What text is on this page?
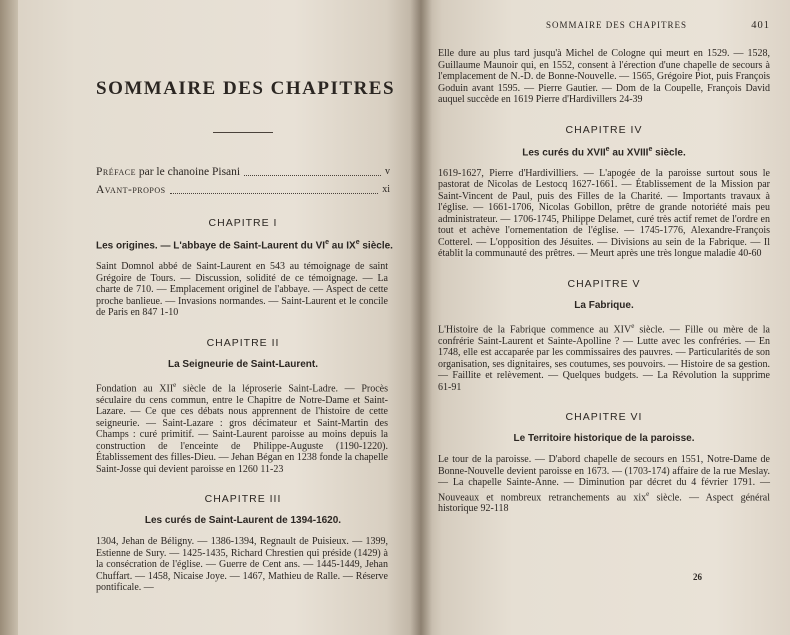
SOMMAIRE DES CHAPITRES
Préface par le chanoine Pisani	v
Avant-propos	xi
CHAPITRE I
Les origines. — L'abbaye de Saint-Laurent du VIe au IXe siècle.
Saint Domnol abbé de Saint-Laurent en 543 au témoignage de saint Grégoire de Tours. — Discussion, solidité de ce témoignage. — La charte de 710. — Emplacement originel de l'abbaye. — Aspect de cette proche banlieue. — Invasions normandes. — Saint-Laurent et le concile de Paris en 847 1-10
CHAPITRE II
La Seigneurie de Saint-Laurent.
Fondation au XIIe siècle de la léproserie Saint-Ladre. — Procès séculaire du cens commun, entre le Chapitre de Notre-Dame et Saint-Lazare. — Ce que ces débats nous apprennent de l'histoire de cette seigneurie. — Saint-Lazare : gros décimateur et Saint-Martin des Champs : curé primitif. — Saint-Laurent paroisse au moins depuis la construction de l'enceinte de Philippe-Auguste (1190-1220). Établissement des filles-Dieu. — Jehan Bégan en 1238 fonde la chapelle Saint-Josse qui devient paroisse en 1260 11-23
CHAPITRE III
Les curés de Saint-Laurent de 1394-1620.
1304, Jehan de Béligny. — 1386-1394, Regnault de Puisieux. — 1399, Estienne de Sury. — 1425-1435, Richard Chrestien qui préside (1429) à la consécration de l'église. — Guerre de Cent ans. — 1445-1449, Jehan Chuffart. — 1458, Nicaise Joye. — 1467, Mathieu de Ralle. — Réserve pontificale. —
SOMMAIRE DES CHAPITRES	401
Elle dure au plus tard jusqu'à Michel de Cologne qui meurt en 1529. — 1528, Guillaume Maunoir qui, en 1552, consent à l'érection d'une chapelle de secours à l'emplacement de N.-D. de Bonne-Nouvelle. — 1565, Grégoire Piot, puis François Goduin avant 1595. — Pierre Gautier. — Dom de la Coupelle, François David auquel succède en 1619 Pierre d'Hardivillers 24-39
CHAPITRE IV
Les curés du XVIIe au XVIIIe siècle.
1619-1627, Pierre d'Hardivilliers. — L'apogée de la paroisse surtout sous le pastorat de Nicolas de Lestocq 1627-1661. — Établissement de la Mission par Saint-Vincent de Paul, puis des Filles de la Charité. — Importants travaux à l'église. — 1661-1706, Nicolas Gobillon, prêtre de grande notoriété mais peu administrateur. — 1706-1745, Philippe Delamet, curé très actif remet de l'ordre en tout et achève l'ornementation de l'église. — 1745-1776, Alexandre-François Cotterel. — L'opposition des Jésuites. — Divisions au sein de la Fabrique. — Il établit la communauté des prêtres. — Meurt après une très longue maladie 40-60
CHAPITRE V
La Fabrique.
L'Histoire de la Fabrique commence au XIVe siècle. — Fille ou mère de la confrérie Saint-Laurent et Sainte-Apolline ? — Lutte avec les confréries. — En 1748, elle est accaparée par les commissaires des pauvres. — Particularités de son organisation, ses dignitaires, ses coutumes, ses pouvoirs. — Histoire de sa gestion. — Faillite et relèvement. — Quelques budgets. — La Révolution la supprime 61-91
CHAPITRE VI
Le Territoire historique de la paroisse.
Le tour de la paroisse. — D'abord chapelle de secours en 1551, Notre-Dame de Bonne-Nouvelle devient paroisse en 1673. — (1703-174) affaire de la rue Meslay. — La chapelle Sainte-Anne. — Diminution par décret du 4 février 1791. — Nouveaux et nombreux retranchements au xix$^e$ siècle. — Aspect général historique 92-118
26
